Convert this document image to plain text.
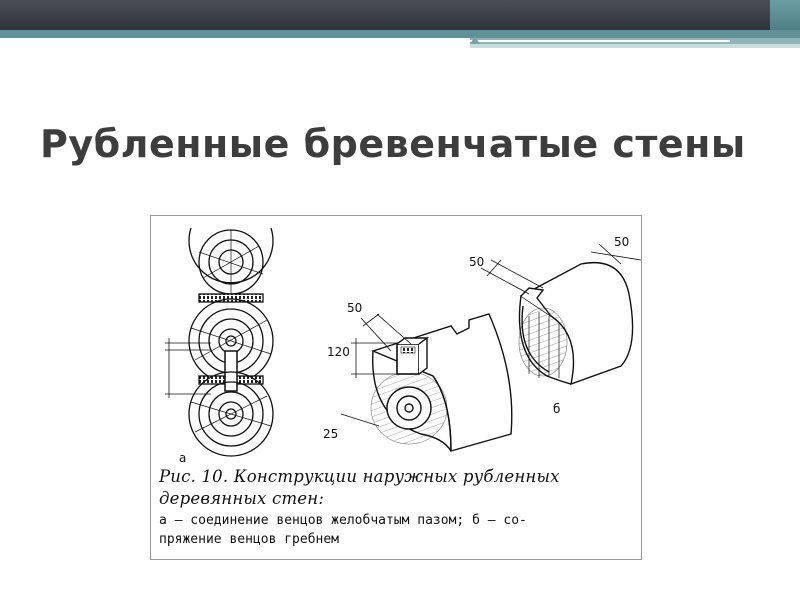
Рубленные бревенчатые стены
а
50
120
25
50
50
б
Рис. 10. Конструкции наружных рубленных
деревянных стен:
а – соединение венцов желобчатым пазом; б – со-
пряжение венцов гребнем
